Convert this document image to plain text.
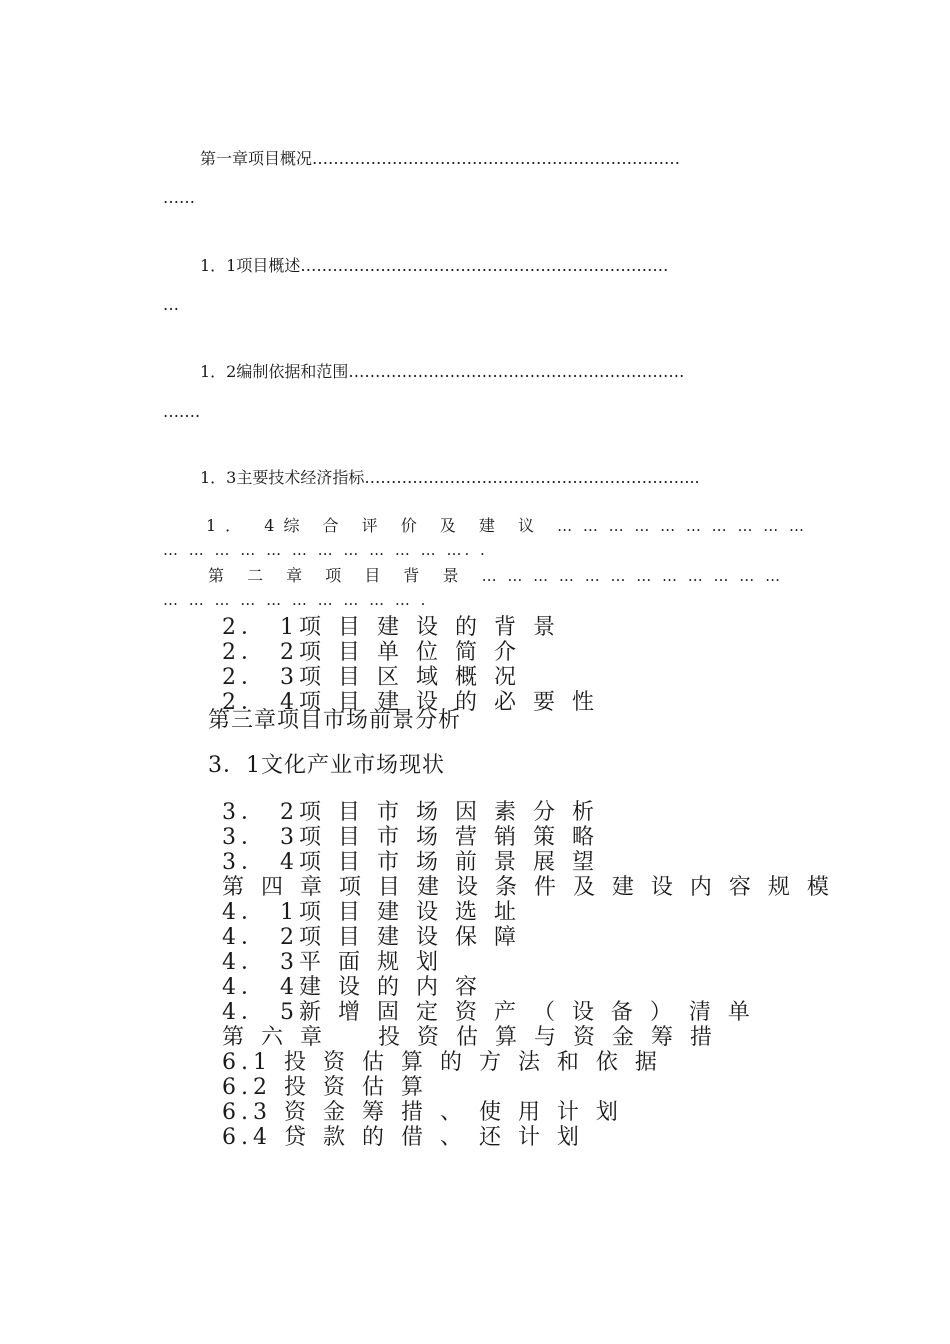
第一章项目概况……………………………………………………………
……
1．1项目概述……………………………………………………………
…
1．2编制依据和范围………………………………………………………
…….
1．3主要技术经济指标……………………………………………………...
1． 4综 合 评 价 及 建 议 … … … … … … … … … …
… … … … … … … … … … … …. .
第 二 章 项 目 背 景 … … … … … … … … … … … …
… … … … … … … … … … .
2． 1项 目 建 设 的 背 景
2． 2项 目 单 位 简 介
2． 3项 目 区 域 概 况
2． 4项 目 建 设 的 必 要 性
第三章项目市场前景分析
3．1文化产业市场现状
3． 2项 目 市 场 因 素 分 析
3． 3项 目 市 场 营 销 策 略
3． 4项 目 市 场 前 景 展 望
第 四 章 项 目 建 设 条 件 及 建 设 内 容 规 模
4． 1项 目 建 设 选 址
4． 2项 目 建 设 保 障
4． 3平 面 规 划
4． 4建 设 的 内 容
4． 5新 增 固 定 资 产 （ 设 备 ） 清 单
第 六 章 　 投 资 估 算 与 资 金 筹 措
6.1 投 资 估 算 的 方 法 和 依 据
6.2 投 资 估 算
6.3 资 金 筹 措 、 使 用 计 划
6.4 贷 款 的 借 、 还 计 划
